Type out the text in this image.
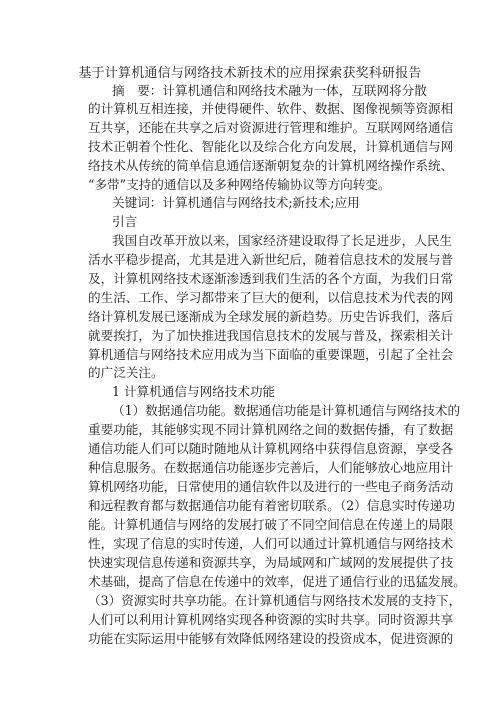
基于计算机通信与网络技术新技术的应用探索获奖科研报告
摘　要：计算机通信和网络技术融为一体，互联网将分散
的计算机互相连接，并使得硬件、软件、数据、图像视频等资源相
互共享，还能在共享之后对资源进行管理和维护。互联网网络通信
技术正朝着个性化、智能化以及综合化方向发展，计算机通信与网
络技术从传统的简单信息通信逐渐朝复杂的计算机网络操作系统、
“多带”支持的通信以及多种网络传输协议等方向转变。
关键词：计算机通信与网络技术;新技术;应用
引言
我国自改革开放以来，国家经济建设取得了长足进步，人民生
活水平稳步提高，尤其是进入新世纪后，随着信息技术的发展与普
及，计算机网络技术逐渐渗透到我们生活的各个方面，为我们日常
的生活、工作、学习都带来了巨大的便利，以信息技术为代表的网
络计算机发展已逐渐成为全球发展的新趋势。历史告诉我们，落后
就要挨打，为了加快推进我国信息技术的发展与普及，探索相关计
算机通信与网络技术应用成为当下面临的重要课题，引起了全社会
的广泛关注。
1 计算机通信与网络技术功能
（1）数据通信功能。数据通信功能是计算机通信与网络技术的
重要功能，其能够实现不同计算机网络之间的数据传播，有了数据
通信功能人们可以随时随地从计算机网络中获得信息资源，享受各
种信息服务。在数据通信功能逐步完善后，人们能够放心地应用计
算机网络功能，日常使用的通信软件以及进行的一些电子商务活动
和远程教育都与数据通信功能有着密切联系。（2）信息实时传递功
能。计算机通信与网络的发展打破了不同空间信息在传递上的局限
性，实现了信息的实时传递，人们可以通过计算机通信与网络技术
快速实现信息传递和资源共享，为局域网和广域网的发展提供了技
术基础，提高了信息在传递中的效率，促进了通信行业的迅猛发展。
（3）资源实时共享功能。在计算机通信与网络技术发展的支持下，
人们可以利用计算机网络实现各种资源的实时共享。同时资源共享
功能在实际运用中能够有效降低网络建设的投资成本，促进资源的
